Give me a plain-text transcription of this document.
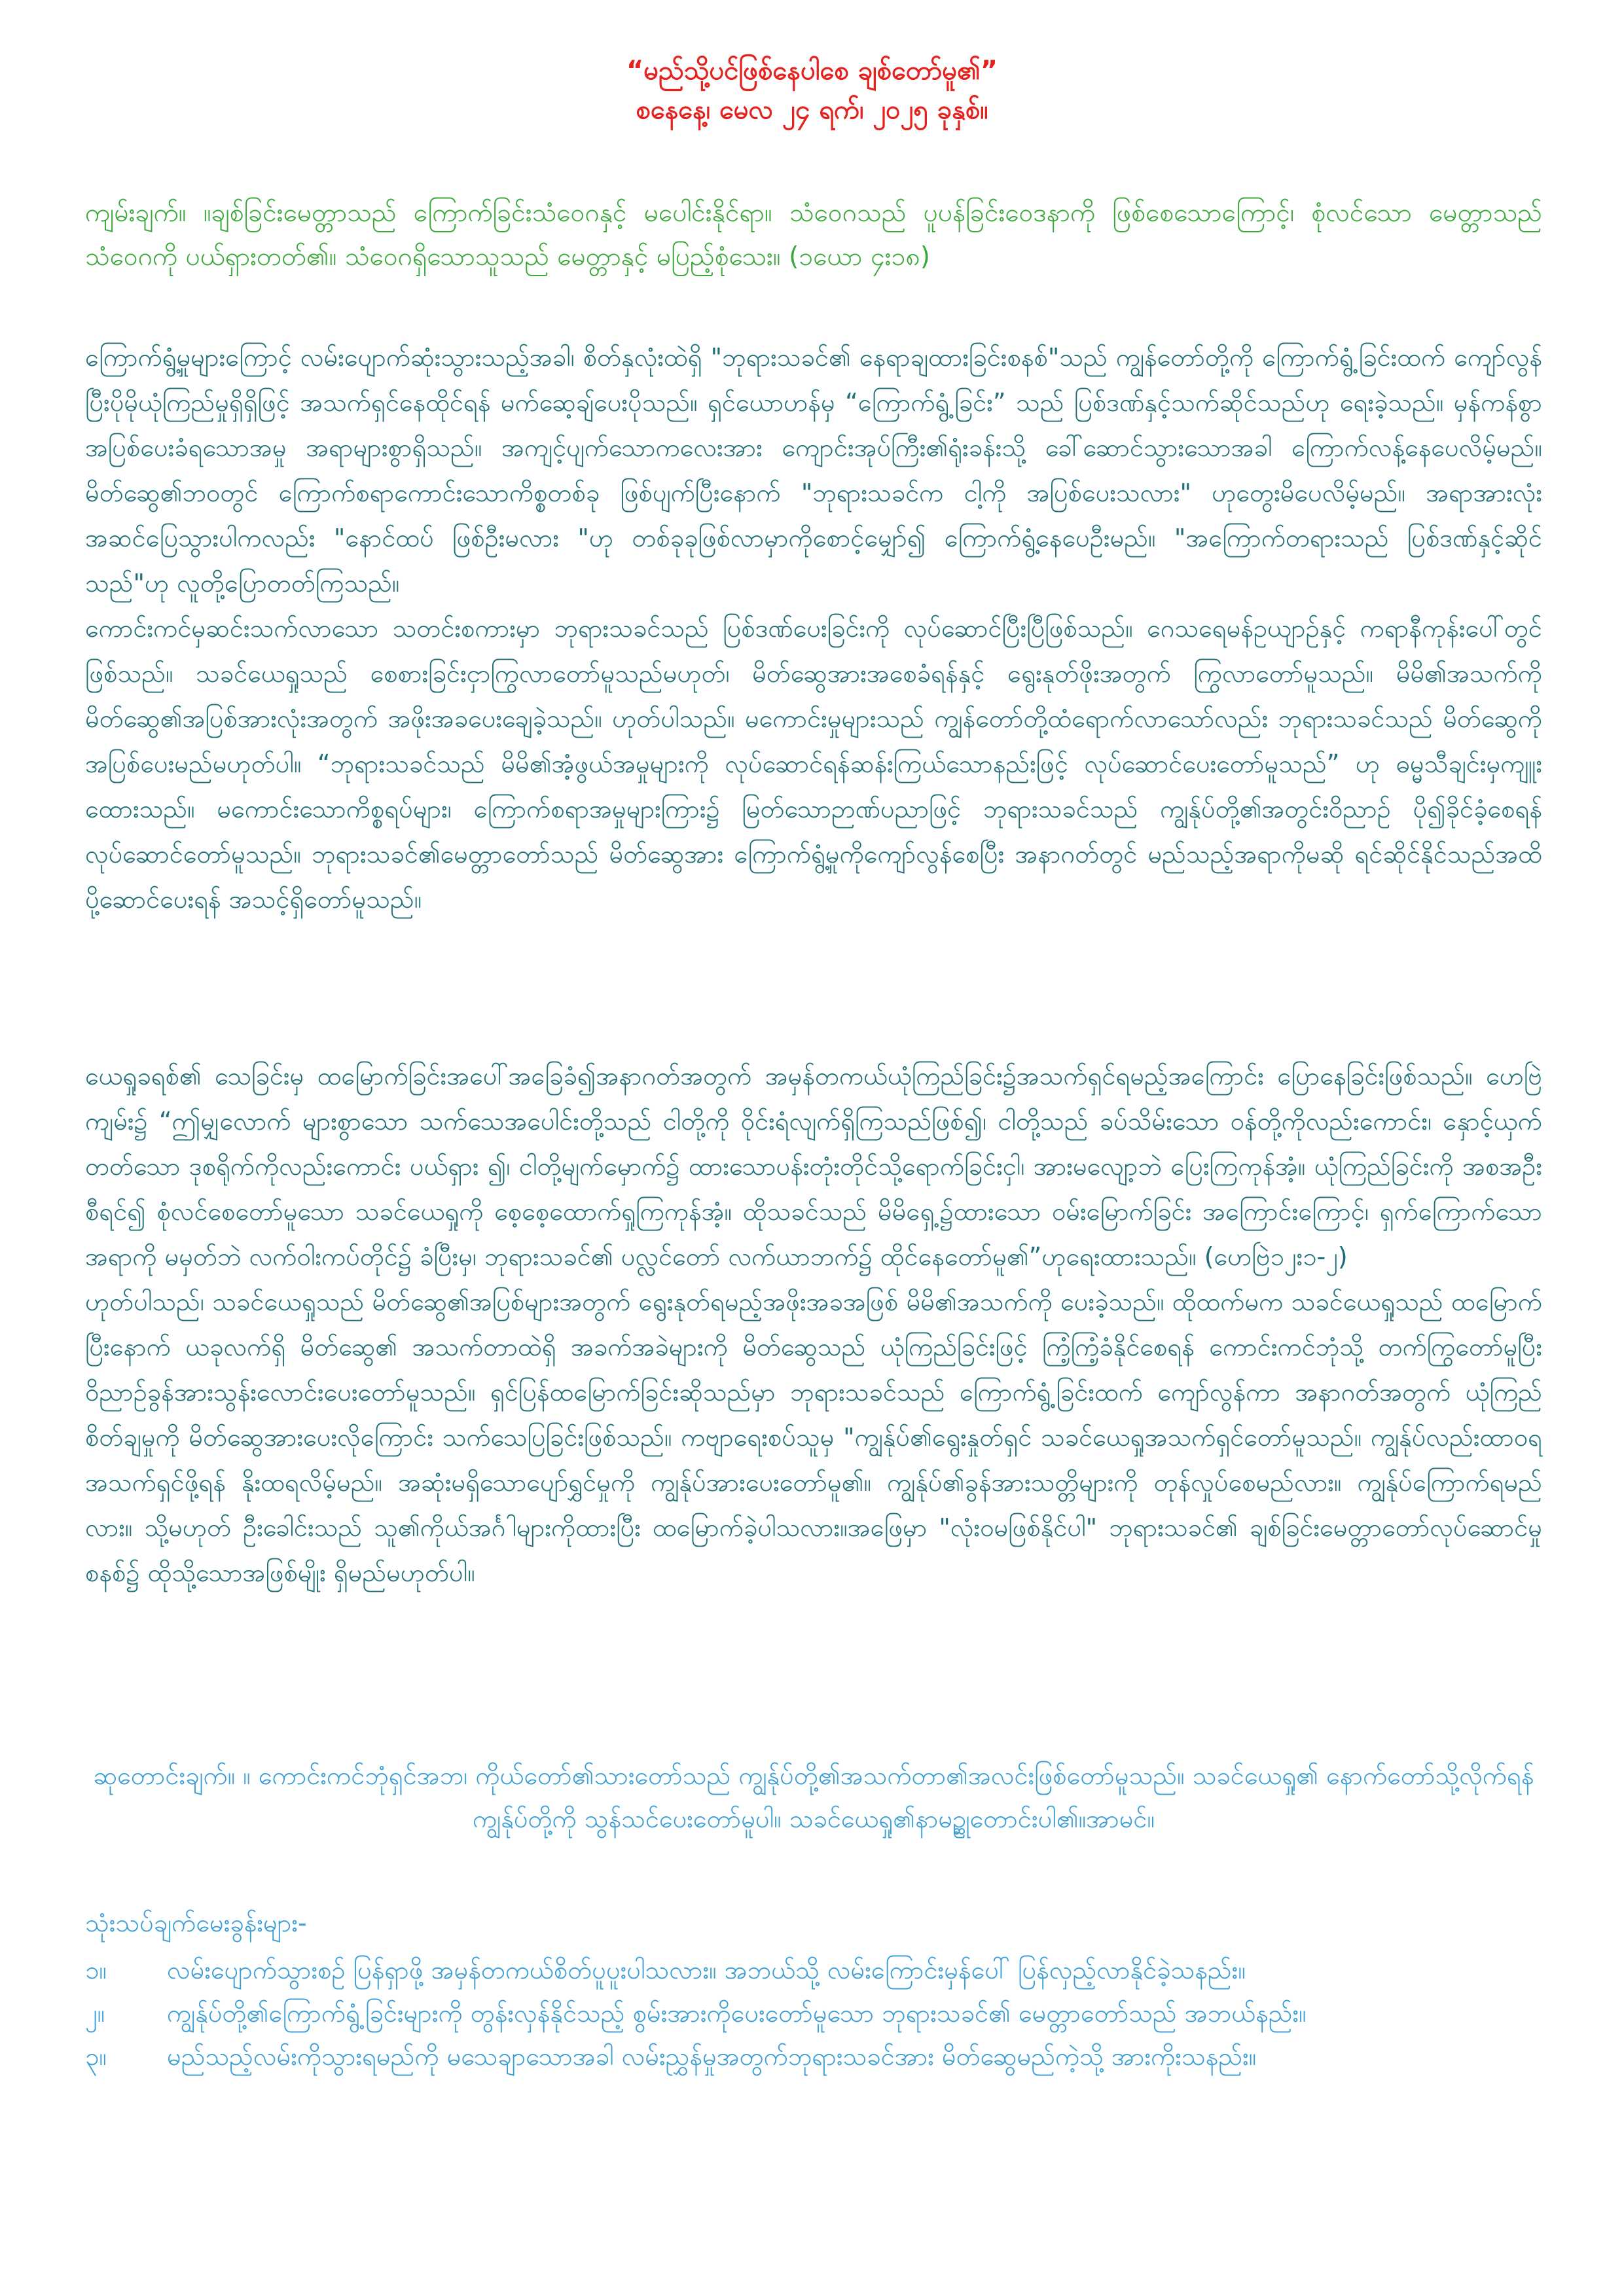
“မည်သို့ပင်ဖြစ်နေပါစေ ချစ်တော်မူ၏”
စနေနေ့၊ မေလ ၂၄ ရက်၊ ၂၀၂၅ ခုနှစ်။
ကျမ်းချက်။ ။ချစ်ခြင်းမေတ္တာသည် ကြောက်ခြင်းသံဝေဂနှင့် မပေါင်းနိုင်ရာ။ သံဝေဂသည် ပူပန်ခြင်းဝေဒနာကို ဖြစ်စေသောကြောင့်၊ စုံလင်သော မေတ္တာသည် သံဝေဂကို ပယ်ရှားတတ်၏။ သံဝေဂရှိသောသူသည် မေတ္တာနှင့် မပြည့်စုံသေး။ (၁ယော ၄း၁၈)

ကြောက်ရွံ့မှုများကြောင့် လမ်းပျောက်ဆုံးသွားသည့်အခါ၊ စိတ်နှလုံးထဲရှိ "ဘုရားသခင်၏ နေရာချထားခြင်းစနစ်"သည် ကျွန်တော်တို့ကို ကြောက်ရွံ့ခြင်းထက် ကျော်လွန်ပြီးပိုမိုယုံကြည်မှုရှိရှိဖြင့် အသက်ရှင်နေထိုင်ရန် မက်ဆေ့ချ်ပေးပိုသည်။ ရှင်ယောဟန်မှ “ကြောက်ရွံ့ခြင်း” သည် ပြစ်ဒဏ်နှင့်သက်ဆိုင်သည်ဟု ရေးခဲ့သည်။ မှန်ကန်စွာ အပြစ်ပေးခံရသောအမှု အရာများစွာရှိသည်။ အကျင့်ပျက်သောကလေးအား ကျောင်းအုပ်ကြီး၏ရုံးခန်းသို့ ခေါ်ဆောင်သွားသောအခါ ကြောက်လန့်နေပေလိမ့်မည်။ မိတ်ဆွေ၏ဘဝတွင် ကြောက်စရာကောင်းသောကိစ္စတစ်ခု ဖြစ်ပျက်ပြီးနောက် "ဘုရားသခင်က ငါ့ကို အပြစ်ပေးသလား" ဟုတွေးမိပေလိမ့်မည်။ အရာအားလုံးအဆင်ပြေသွားပါကလည်း "နောင်ထပ် ဖြစ်ဦးမလား "ဟု တစ်ခုခုဖြစ်လာမှာကိုစောင့်မျှော်၍ ကြောက်ရွံ့နေပေဦးမည်။ "အကြောက်တရားသည် ပြစ်ဒဏ်နှင့်ဆိုင်သည်"ဟု လူတို့ပြောတတ်ကြသည်။

ကောင်းကင်မှဆင်းသက်လာသော သတင်းစကားမှာ ဘုရားသခင်သည် ပြစ်ဒဏ်ပေးခြင်းကို လုပ်ဆောင်ပြီးပြီဖြစ်သည်။ ဂေသရေမန်ဥယျာဉ်နှင့် ကရာနီကုန်းပေါ်တွင်ဖြစ်သည်။ သခင်ယေရှုသည် စေစားခြင်းငှာကြွလာတော်မူသည်မဟုတ်၊ မိတ်ဆွေအားအစေခံရန်နှင့် ရွေးနုတ်ဖိုးအတွက် ကြွလာတော်မူသည်။ မိမိ၏အသက်ကို မိတ်ဆွေ၏အပြစ်အားလုံးအတွက် အဖိုးအခပေးချေခဲ့သည်။ ဟုတ်ပါသည်။ မကောင်းမှုများသည် ကျွန်တော်တို့ထံရောက်လာသော်လည်း ဘုရားသခင်သည် မိတ်ဆွေကို အပြစ်ပေးမည်မဟုတ်ပါ။ “ဘုရားသခင်သည် မိမိ၏အံ့ဖွယ်အမှုများကို လုပ်ဆောင်ရန်ဆန်းကြယ်သောနည်းဖြင့် လုပ်ဆောင်ပေးတော်မူသည်” ဟု ဓမ္မသီချင်းမှကျူးထေားသည်။ မကောင်းသောကိစ္စရပ်များ၊ ကြောက်စရာအမှုများကြား၌ မြတ်သောဉာဏ်ပညာဖြင့် ဘုရားသခင်သည် ကျွန်ုပ်တို့၏အတွင်းဝိညာဉ် ပို၍ခိုင်ခံ့စေရန် လုပ်ဆောင်တော်မူသည်။ ဘုရားသခင်၏မေတ္တာတော်သည် မိတ်ဆွေအား ကြောက်ရွံ့မှုကိုကျော်လွန်စေပြီး အနာဂတ်တွင် မည်သည့်အရာကိုမဆို ရင်ဆိုင်နိုင်သည်အထိ ပို့ဆောင်ပေးရန် အသင့်ရှိတော်မူသည်။

ယေရှုခရစ်၏ သေခြင်းမှ ထမြောက်ခြင်းအပေါ်အခြေခံ၍အနာဂတ်အတွက် အမှန်တကယ်ယုံကြည်ခြင်း၌အသက်ရှင်ရမည့်အကြောင်း ပြောနေခြင်းဖြစ်သည်။ ဟေဗြဲကျမ်း၌ “ဤမျှလောက် များစွာသော သက်သေအပေါင်းတို့သည် ငါတို့ကို ဝိုင်းရံလျက်ရှိကြသည်ဖြစ်၍၊ ငါတို့သည် ခပ်သိမ်းသော ဝန်တို့ကိုလည်းကောင်း၊ နှောင့်ယှက်တတ်သော ဒုစရိုက်ကိုလည်းကောင်း ပယ်ရှား ၍၊ ငါတို့မျက်မှောက်၌ ထားသောပန်းတုံးတိုင်သို့ရောက်ခြင်းငှါ၊ အားမလျော့ဘဲ ပြေးကြကုန်အံ့။ ယုံကြည်ခြင်းကို အစအဦးစီရင်၍ စုံလင်စေတော်မူသော သခင်ယေရှုကို စေ့စေ့ထောက်ရှုကြကုန်အံ့။ ထိုသခင်သည် မိမိရှေ့၌ထားသော ဝမ်းမြောက်ခြင်း အကြောင်းကြောင့်၊ ရှက်ကြောက်သောအရာကို မမှတ်ဘဲ လက်ဝါးကပ်တိုင်၌ ခံပြီးမှ၊ ဘုရားသခင်၏ ပလ္လင်တော် လက်ယာဘက်၌ ထိုင်နေတော်မူ၏”ဟုရေးထားသည်။ (ဟေဗြဲ၁၂း၁-၂)

ဟုတ်ပါသည်၊ သခင်ယေရှုသည် မိတ်ဆွေ၏အပြစ်များအတွက် ရွေးနုတ်ရမည့်အဖိုးအခအဖြစ် မိမိ၏အသက်ကို ပေးခဲ့သည်။ ထိုထက်မက သခင်ယေရှုသည် ထမြောက်ပြီးနောက် ယခုလက်ရှိ မိတ်ဆွေ၏ အသက်တာထဲရှိ အခက်အခဲများကို မိတ်ဆွေသည် ယုံကြည်ခြင်းဖြင့် ကြံ့ကြံ့ခံနိုင်စေရန် ကောင်းကင်ဘုံသို့ တက်ကြွတော်မူပြီး ဝိညာဉ်ခွန်အားသွန်းလောင်းပေးတော်မူသည်။ ရှင်ပြန်ထမြောက်ခြင်းဆိုသည်မှာ ဘုရားသခင်သည် ကြောက်ရွံ့ခြင်းထက် ကျော်လွန်ကာ အနာဂတ်အတွက် ယုံကြည်စိတ်ချမှုကို မိတ်ဆွေအားပေးလိုကြောင်း သက်သေပြခြင်းဖြစ်သည်။ ကဗျာရေးစပ်သူမှ "ကျွန်ုပ်၏ရွေးနှုတ်ရှင် သခင်ယေရှုအသက်ရှင်တော်မူသည်။ ကျွန်ုပ်လည်းထာဝရအသက်ရှင်ဖို့ရန် နိုးထရလိမ့်မည်။ အဆုံးမရှိသောပျော်ရွှင်မှုကို ကျွန်ုပ်အားပေးတော်မူ၏။ ကျွန်ုပ်၏ခွန်အားသတ္တိများကို တုန်လှုပ်စေမည်လား။ ကျွန်ုပ်ကြောက်ရမည်လား။ သို့မဟုတ် ဦးခေါင်းသည် သူ၏ကိုယ်အင်္ဂါများကိုထားပြီး ထမြောက်ခဲ့ပါသလား။အဖြေမှာ "လုံးဝမဖြစ်နိုင်ပါ" ဘုရားသခင်၏ ချစ်ခြင်းမေတ္တာတော်လုပ်ဆောင်မှုစနစ်၌ ထိုသို့သောအဖြစ်မျိုး ရှိမည်မဟုတ်ပါ။

ဆုတောင်းချက်။ ။ ကောင်းကင်ဘုံရှင်အဘ၊ ကိုယ်တော်၏သားတော်သည် ကျွန်ုပ်တို့၏အသက်တာ၏အလင်းဖြစ်တော်မူသည်။ သခင်ယေရှု၏ နောက်တော်သို့လိုက်ရန် ကျွန်ုပ်တို့ကို သွန်သင်ပေးတော်မူပါ။ သခင်ယေရှု၏နာမဥ္ဆုတောင်းပါ၏။အာမင်။

သုံးသပ်ချက်မေးခွန်းများ-

၁။	လမ်းပျောက်သွားစဥ် ပြန်ရှာဖို့ အမှန်တကယ်စိတ်ပူပူးပါသလား။ အဘယ်သို့ လမ်းကြောင်းမှန်ပေါ် ပြန်လှည့်လာနိုင်ခဲ့သနည်း။
၂။	ကျွန်ုပ်တို့၏ကြောက်ရွံ့ခြင်းများကို တွန်းလှန်နိုင်သည့် စွမ်းအားကိုပေးတော်မူသော ဘုရားသခင်၏ မေတ္တာတော်သည် အဘယ်နည်း။
၃။	မည်သည့်လမ်းကိုသွားရမည်ကို မသေချာသောအခါ လမ်းညွှန်မှုအတွက်ဘုရားသခင်အား မိတ်ဆွေမည်ကဲ့သို့ အားကိုးသနည်း။
